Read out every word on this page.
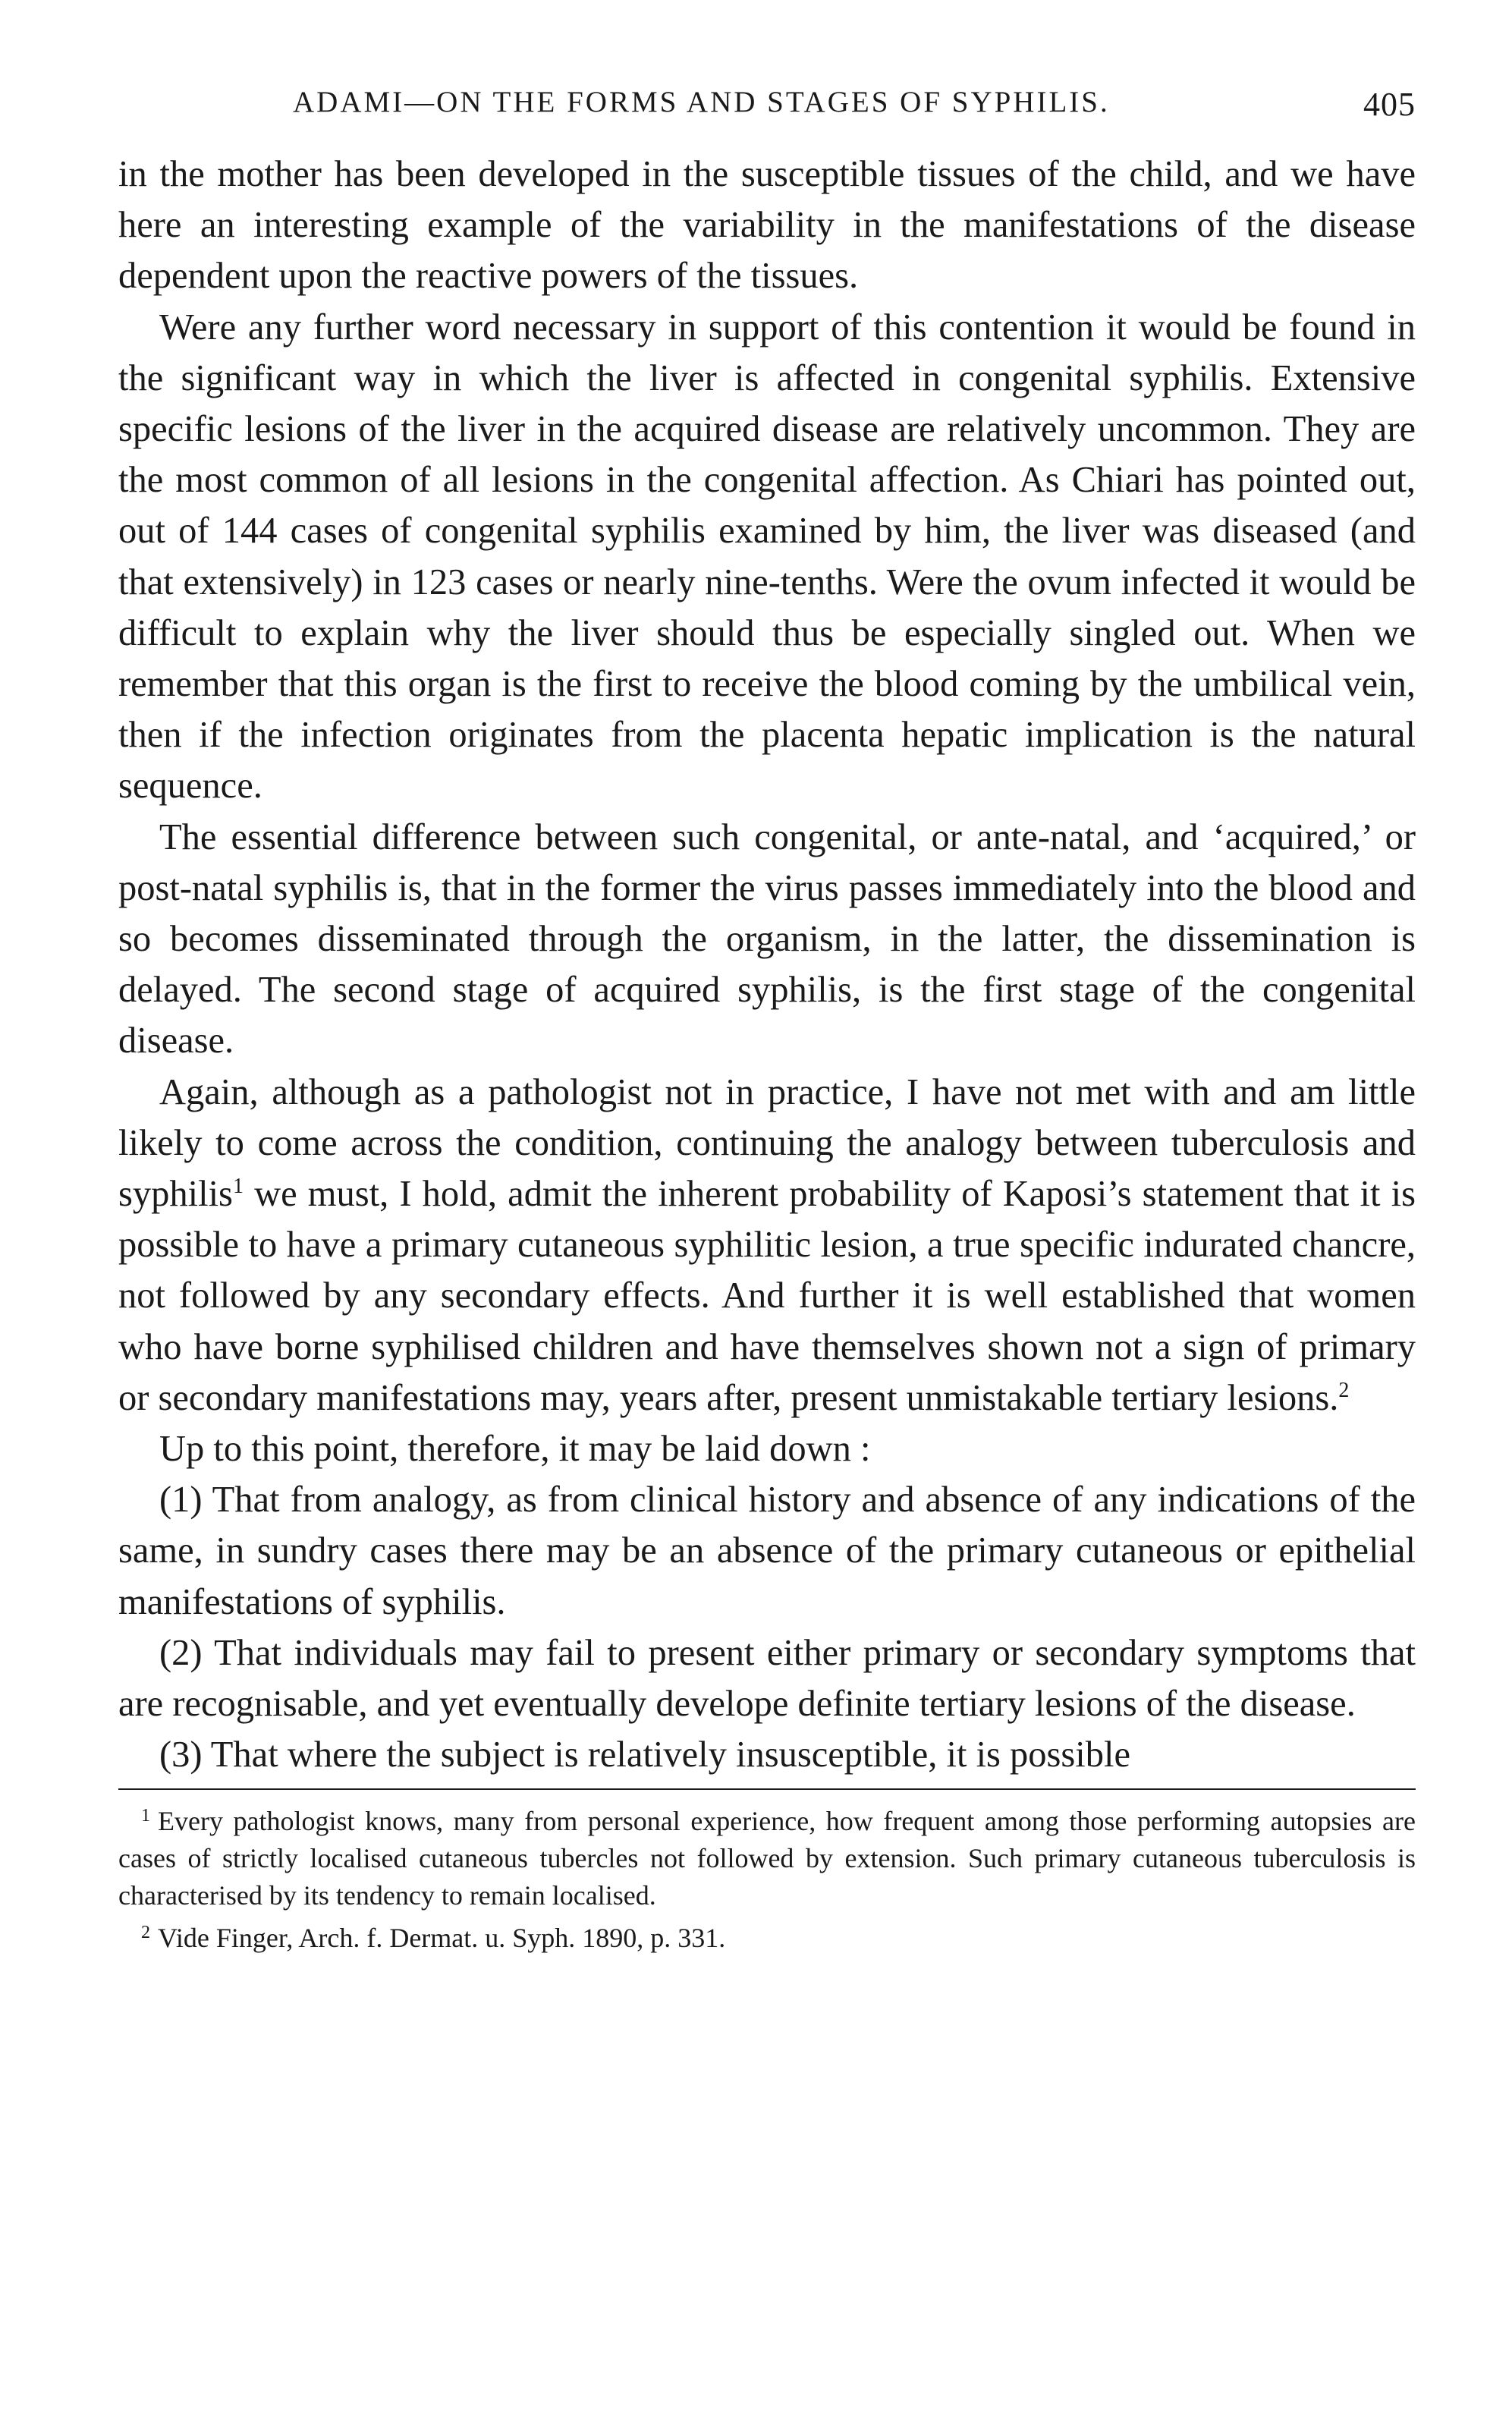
ADAMI—ON THE FORMS AND STAGES OF SYPHILIS.	405

in the mother has been developed in the susceptible tissues of the child, and we have here an interesting example of the variability in the manifestations of the disease dependent upon the reactive powers of the tissues.

Were any further word necessary in support of this contention it would be found in the significant way in which the liver is affected in congenital syphilis. Extensive specific lesions of the liver in the acquired disease are relatively uncommon. They are the most common of all lesions in the congenital affection. As Chiari has pointed out, out of 144 cases of congenital syphilis examined by him, the liver was diseased (and that extensively) in 123 cases or nearly nine-tenths. Were the ovum infected it would be difficult to explain why the liver should thus be especially singled out. When we remember that this organ is the first to receive the blood coming by the umbilical vein, then if the infection originates from the placenta hepatic implication is the natural sequence.

The essential difference between such congenital, or ante-natal, and ‘acquired,’ or post-natal syphilis is, that in the former the virus passes immediately into the blood and so becomes disseminated through the organism, in the latter, the dissemination is delayed. The second stage of acquired syphilis, is the first stage of the congenital disease.

Again, although as a pathologist not in practice, I have not met with and am little likely to come across the condition, continuing the analogy between tuberculosis and syphilis$^1$ we must, I hold, admit the inherent probability of Kaposi’s statement that it is possible to have a primary cutaneous syphilitic lesion, a true specific indurated chancre, not followed by any secondary effects. And further it is well established that women who have borne syphilised children and have themselves shown not a sign of primary or secondary manifestations may, years after, present unmistakable tertiary lesions.$^2$

Up to this point, therefore, it may be laid down :

(1) That from analogy, as from clinical history and absence of any indications of the same, in sundry cases there may be an absence of the primary cutaneous or epithelial manifestations of syphilis.

(2) That individuals may fail to present either primary or secondary symptoms that are recognisable, and yet eventually develope definite tertiary lesions of the disease.

(3) That where the subject is relatively insusceptible, it is possible

$^1$ Every pathologist knows, many from personal experience, how frequent among those performing autopsies are cases of strictly localised cutaneous tubercles not followed by extension. Such primary cutaneous tuberculosis is characterised by its tendency to remain localised.

$^2$ Vide Finger, Arch. f. Dermat. u. Syph. 1890, p. 331.
